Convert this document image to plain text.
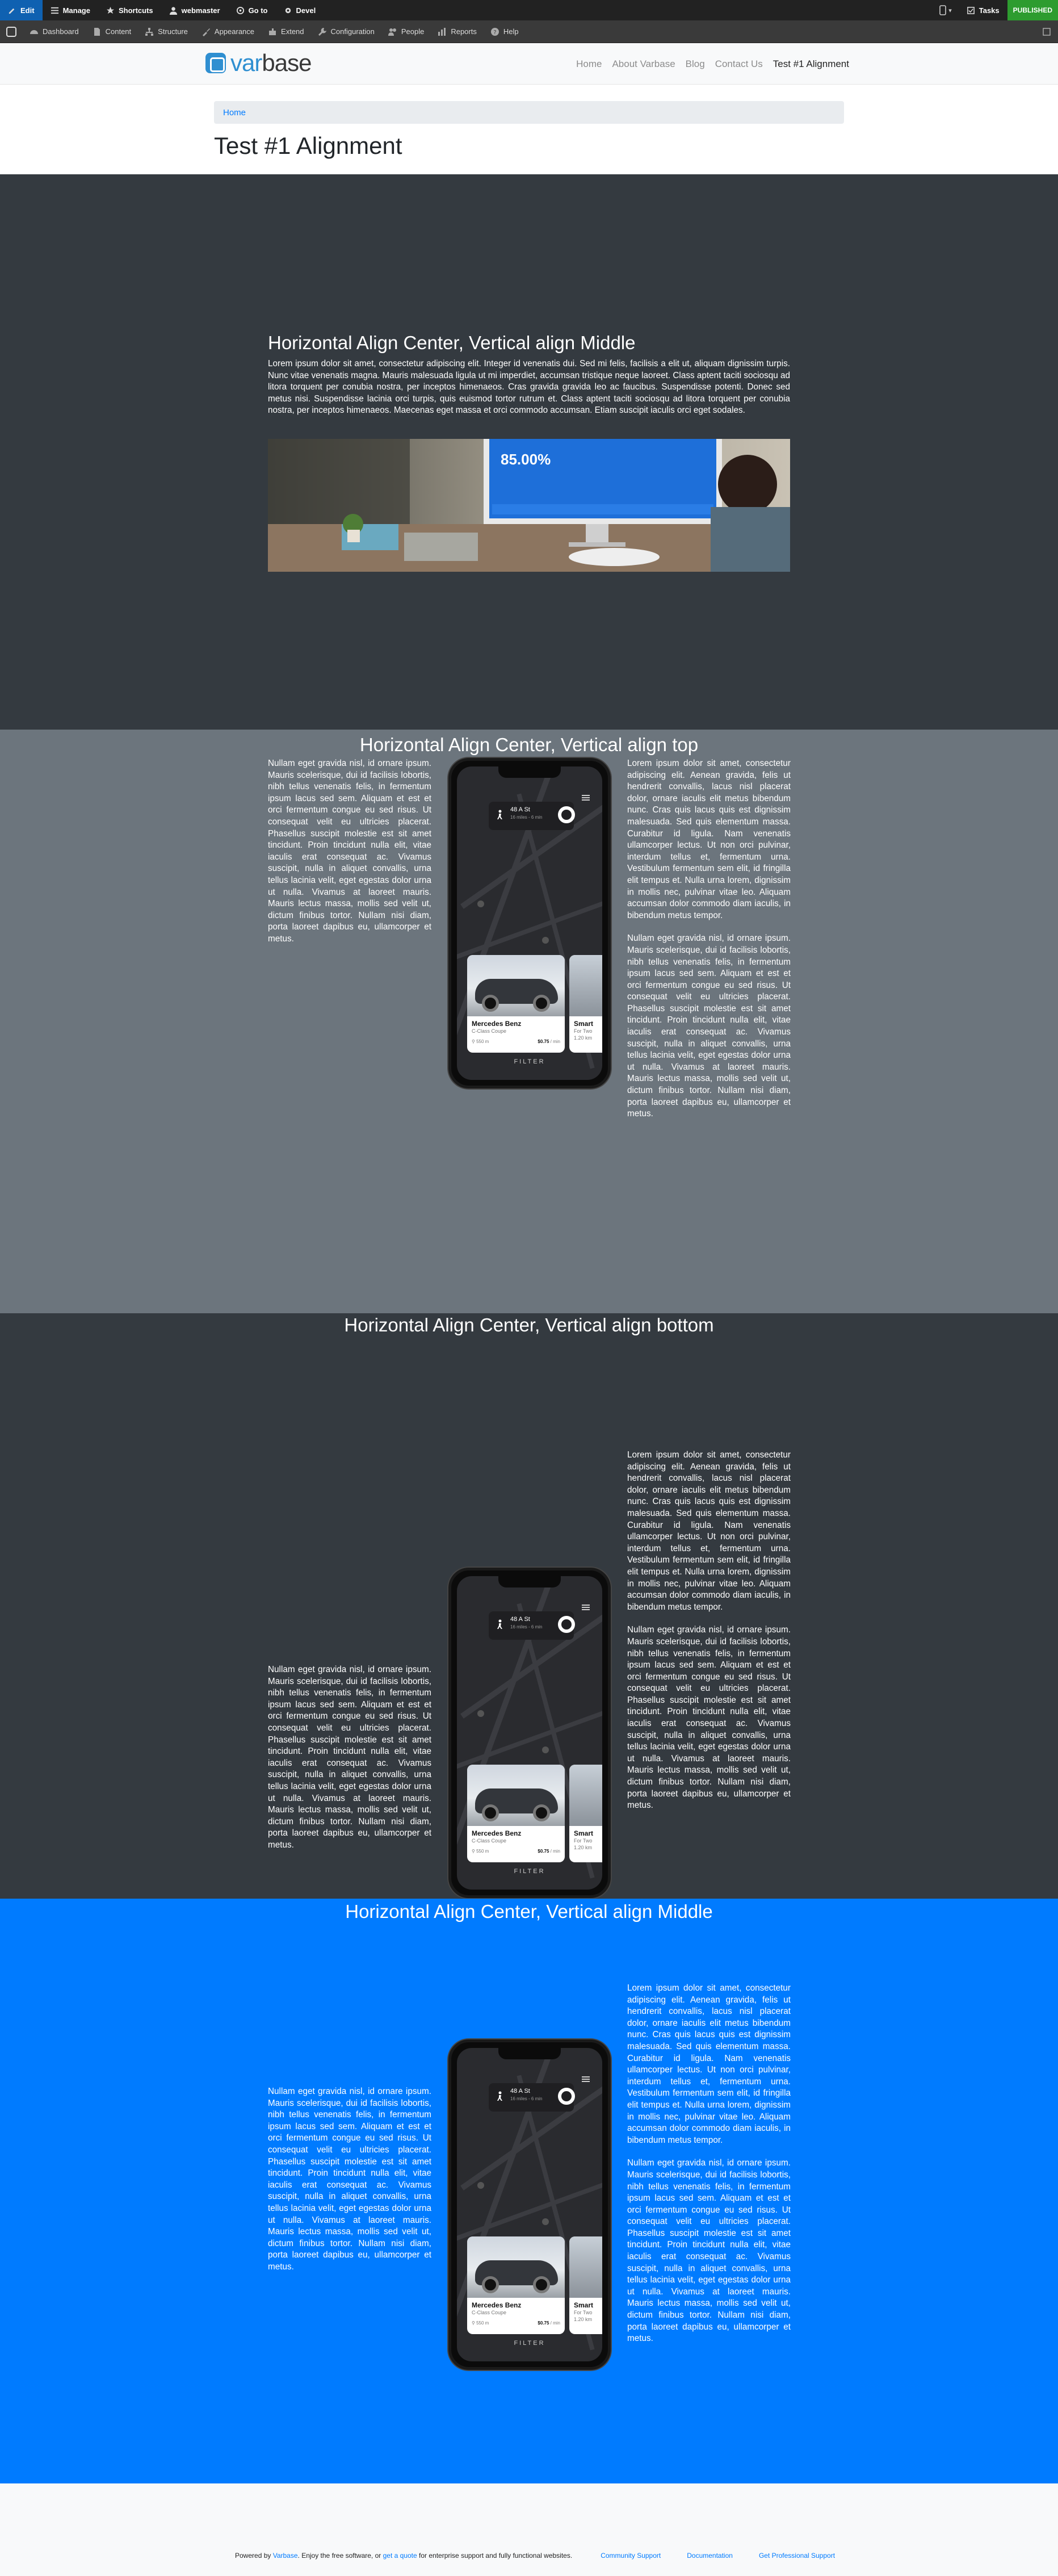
Edit	Manage	Shortcuts	webmaster	Go to	Devel	▾	Tasks	PUBLISHED
Dashboard	Content	Structure	Appearance	Extend	Configuration	People	Reports	? Help
varbase	Home About Varbase Blog Contact Us Test #1 Alignment
Home
Test #1 Alignment
Horizontal Align Center, Vertical align Middle

Lorem ipsum dolor sit amet, consectetur adipiscing elit. Integer id venenatis dui. Sed mi felis, facilisis a elit ut, aliquam dignissim turpis. Nunc vitae venenatis magna. Mauris malesuada ligula ut mi imperdiet, accumsan tristique neque laoreet. Class aptent taciti sociosqu ad litora torquent per conubia nostra, per inceptos himenaeos. Cras gravida gravida leo ac faucibus. Suspendisse potenti. Donec sed metus nisi. Suspendisse lacinia orci turpis, quis euismod tortor rutrum et. Class aptent taciti sociosqu ad litora torquent per conubia nostra, per inceptos himenaeos. Maecenas eget massa et orci commodo accumsan. Etiam suscipit iaculis orci eget sodales.

85.00%
Horizontal Align Center, Vertical align top

Nullam eget gravida nisl, id ornare ipsum. Mauris scelerisque, dui id facilisis lobortis, nibh tellus venenatis felis, in fermentum ipsum lacus sed sem. Aliquam et est et orci fermentum congue eu sed risus. Ut consequat velit eu ultricies placerat. Phasellus suscipit molestie est sit amet tincidunt. Proin tincidunt nulla elit, vitae iaculis erat consequat ac. Vivamus suscipit, nulla in aliquet convallis, urna tellus lacinia velit, eget egestas dolor urna ut nulla. Vivamus at laoreet mauris. Mauris lectus massa, mollis sed velit ut, dictum finibus tortor. Nullam nisi diam, porta laoreet dapibus eu, ullamcorper et metus.

48 A St
16 miles - 6 min
Mercedes Benz
C-Class Coupe
⚲ 550 m	$0.75 / min
Smart
For Two
1.20 km
FILTER

Lorem ipsum dolor sit amet, consectetur adipiscing elit. Aenean gravida, felis ut hendrerit convallis, lacus nisl placerat dolor, ornare iaculis elit metus bibendum nunc. Cras quis lacus quis est dignissim malesuada. Sed quis elementum massa. Curabitur id ligula. Nam venenatis ullamcorper lectus. Ut non orci pulvinar, interdum tellus et, fermentum urna. Vestibulum fermentum sem elit, id fringilla elit tempus et. Nulla urna lorem, dignissim in mollis nec, pulvinar vitae leo. Aliquam accumsan dolor commodo diam iaculis, in bibendum metus tempor.

Nullam eget gravida nisl, id ornare ipsum. Mauris scelerisque, dui id facilisis lobortis, nibh tellus venenatis felis, in fermentum ipsum lacus sed sem. Aliquam et est et orci fermentum congue eu sed risus. Ut consequat velit eu ultricies placerat. Phasellus suscipit molestie est sit amet tincidunt. Proin tincidunt nulla elit, vitae iaculis erat consequat ac. Vivamus suscipit, nulla in aliquet convallis, urna tellus lacinia velit, eget egestas dolor urna ut nulla. Vivamus at laoreet mauris. Mauris lectus massa, mollis sed velit ut, dictum finibus tortor. Nullam nisi diam, porta laoreet dapibus eu, ullamcorper et metus.

Horizontal Align Center, Vertical align bottom

Nullam eget gravida nisl, id ornare ipsum. Mauris scelerisque, dui id facilisis lobortis, nibh tellus venenatis felis, in fermentum ipsum lacus sed sem. Aliquam et est et orci fermentum congue eu sed risus. Ut consequat velit eu ultricies placerat. Phasellus suscipit molestie est sit amet tincidunt. Proin tincidunt nulla elit, vitae iaculis erat consequat ac. Vivamus suscipit, nulla in aliquet convallis, urna tellus lacinia velit, eget egestas dolor urna ut nulla. Vivamus at laoreet mauris. Mauris lectus massa, mollis sed velit ut, dictum finibus tortor. Nullam nisi diam, porta laoreet dapibus eu, ullamcorper et metus.

48 A St
16 miles - 6 min
Mercedes Benz
C-Class Coupe
⚲ 550 m	$0.75 / min
Smart
For Two
1.20 km
FILTER

Lorem ipsum dolor sit amet, consectetur adipiscing elit. Aenean gravida, felis ut hendrerit convallis, lacus nisl placerat dolor, ornare iaculis elit metus bibendum nunc. Cras quis lacus quis est dignissim malesuada. Sed quis elementum massa. Curabitur id ligula. Nam venenatis ullamcorper lectus. Ut non orci pulvinar, interdum tellus et, fermentum urna. Vestibulum fermentum sem elit, id fringilla elit tempus et. Nulla urna lorem, dignissim in mollis nec, pulvinar vitae leo. Aliquam accumsan dolor commodo diam iaculis, in bibendum metus tempor.

Nullam eget gravida nisl, id ornare ipsum. Mauris scelerisque, dui id facilisis lobortis, nibh tellus venenatis felis, in fermentum ipsum lacus sed sem. Aliquam et est et orci fermentum congue eu sed risus. Ut consequat velit eu ultricies placerat. Phasellus suscipit molestie est sit amet tincidunt. Proin tincidunt nulla elit, vitae iaculis erat consequat ac. Vivamus suscipit, nulla in aliquet convallis, urna tellus lacinia velit, eget egestas dolor urna ut nulla. Vivamus at laoreet mauris. Mauris lectus massa, mollis sed velit ut, dictum finibus tortor. Nullam nisi diam, porta laoreet dapibus eu, ullamcorper et metus.

Horizontal Align Center, Vertical align Middle

Nullam eget gravida nisl, id ornare ipsum. Mauris scelerisque, dui id facilisis lobortis, nibh tellus venenatis felis, in fermentum ipsum lacus sed sem. Aliquam et est et orci fermentum congue eu sed risus. Ut consequat velit eu ultricies placerat. Phasellus suscipit molestie est sit amet tincidunt. Proin tincidunt nulla elit, vitae iaculis erat consequat ac. Vivamus suscipit, nulla in aliquet convallis, urna tellus lacinia velit, eget egestas dolor urna ut nulla. Vivamus at laoreet mauris. Mauris lectus massa, mollis sed velit ut, dictum finibus tortor. Nullam nisi diam, porta laoreet dapibus eu, ullamcorper et metus.

48 A St
16 miles - 6 min
Mercedes Benz
C-Class Coupe
⚲ 550 m	$0.75 / min
Smart
For Two
1.20 km
FILTER

Lorem ipsum dolor sit amet, consectetur adipiscing elit. Aenean gravida, felis ut hendrerit convallis, lacus nisl placerat dolor, ornare iaculis elit metus bibendum nunc. Cras quis lacus quis est dignissim malesuada. Sed quis elementum massa. Curabitur id ligula. Nam venenatis ullamcorper lectus. Ut non orci pulvinar, interdum tellus et, fermentum urna. Vestibulum fermentum sem elit, id fringilla elit tempus et. Nulla urna lorem, dignissim in mollis nec, pulvinar vitae leo. Aliquam accumsan dolor commodo diam iaculis, in bibendum metus tempor.

Nullam eget gravida nisl, id ornare ipsum. Mauris scelerisque, dui id facilisis lobortis, nibh tellus venenatis felis, in fermentum ipsum lacus sed sem. Aliquam et est et orci fermentum congue eu sed risus. Ut consequat velit eu ultricies placerat. Phasellus suscipit molestie est sit amet tincidunt. Proin tincidunt nulla elit, vitae iaculis erat consequat ac. Vivamus suscipit, nulla in aliquet convallis, urna tellus lacinia velit, eget egestas dolor urna ut nulla. Vivamus at laoreet mauris. Mauris lectus massa, mollis sed velit ut, dictum finibus tortor. Nullam nisi diam, porta laoreet dapibus eu, ullamcorper et metus.

Powered by Varbase. Enjoy the free software, or get a quote for enterprise support and fully functional websites.	Community Support	Documentation	Get Professional Support
